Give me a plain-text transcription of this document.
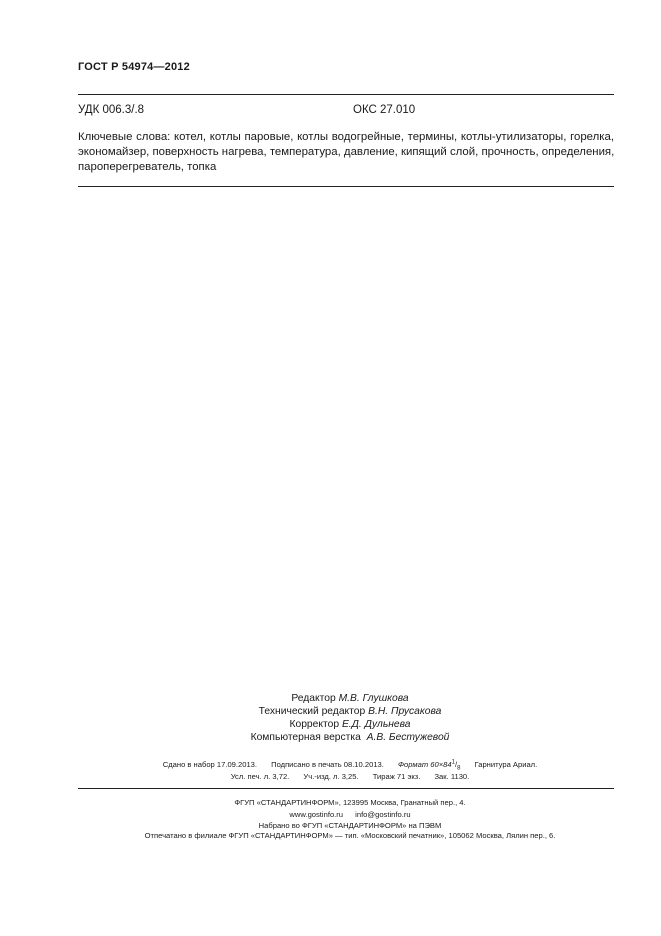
ГОСТ Р 54974—2012
УДК 006.3/.8	ОКС 27.010
Ключевые слова: котел, котлы паровые, котлы водогрейные, термины, котлы-утилизаторы, горелка,
экономайзер, поверхность нагрева, температура, давление, кипящий слой, прочность, определения,
пароперегреватель, топка
Редактор М.В. Глушкова
Технический редактор В.Н. Прусакова
Корректор Е.Д. Дульнева
Компьютерная верстка А.В. Бестужевой
Сдано в набор 17.09.2013. Подписано в печать 08.10.2013. Формат $60\times 84^1/_8$ Гарнитура Ариал.
Усл. печ. л. 3,72. Уч.-изд. л. 3,25. Тираж 71 экз. Зак. 1130.
ФГУП «СТАНДАРТИНФОРМ», 123995 Москва, Гранатный пер., 4.
www.gostinfo.ru info@gostinfo.ru
Набрано во ФГУП «СТАНДАРТИНФОРМ» на ПЭВМ
Отпечатано в филиале ФГУП «СТАНДАРТИНФОРМ» — тип. «Московский печатник», 105062 Москва, Лялин пер., 6.
